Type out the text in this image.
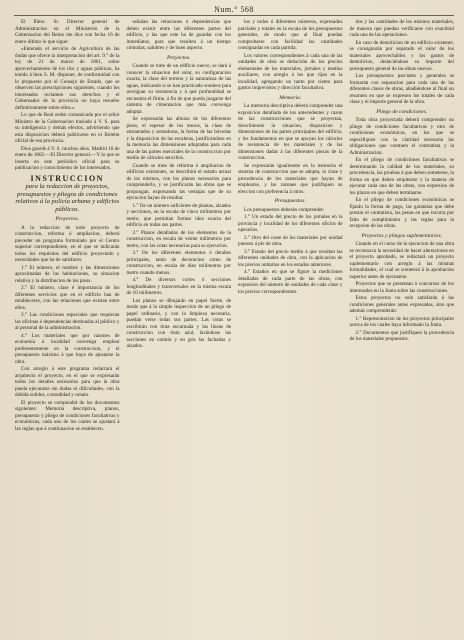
Num.° 568

El Illmo. Sr. Director general de Administracion en el Ministerio de la Gobernacion del Reino me dice con fecha 16 de enero último lo que sigue:

«Enterado el servicio de Agricultura de las dudas que ofrece la interpretacion del art. 9.° de la ley de 21 de marzo de 1861, sobre aprovechamiento de los ríos y aguas públicas, ha tenido á bien S. M. disponer, de conformidad con lo propuesto por el Consejo de Estado, que se observen las prescripciones siguientes, cuando los interesados reclamen sus derechos y el Gobernador de la provincia no haya resuelto definitivamente sobre ellos.»

Lo que de Real orden comunicada por el señor Ministro de la Gobernacion traslado á V. S. para su inteligencia y demás efectos, advirtiendo que esta disposicion deberá publicarse en el Boletin oficial de esa provincia.

Dios guarde á V. S. muchos años. Madrid 16 de enero de 1862.—El Director general.—Y lo que se inserta en este periódico oficial para su publicacion y conocimiento de los interesados.

INSTRUCCION
para la redaccion de proyectos, presupuestos y pliegos de condiciones relativos á la policía urbana y edificios públicos.
Proyectos.

A la redaccion de todo proyecto de construccion, reforma ó ampliacion, deberá preceder un programa formulado por el Centro superior correspondiente, en el que se indicarán todos los requisitos del edificio proyectado y necesidades que ha de satisfacer.

1.° El número, el nombre y las dimensiones aproximadas de las habitaciones, su situacion relativa y la distribucion de los pisos.

2.° El número, clase é importancia de los diferentes servicios que en el edificio han de establecerse, con las relaciones que existan entre ellos.

3.° Las condiciones especiales que requieran las oficinas ó dependencias destinadas al público y al personal de la administracion.

4.° Los materiales que por razones de economía ó localidad convenga emplear preferentemente en la construccion, y el presupuesto máximo á que haya de ajustarse la obra.

Con arreglo á este programa redactará el arquitecto el proyecto, en el que se expresarán todos los detalles necesarios para que la obra pueda ejecutarse sin dudas ni dificultades, con la debida solidez, comodidad y ornato.

El proyecto se compondrá de los documentos siguientes: Memoria descriptiva, planos, presupuesto y pliego de condiciones facultativas y económicas, cada uno de los cuales se ajustará á las reglas que á continuacion se establecen.

señalan las relaciones ó dependencias que deben existir entre las diferentes partes del edificio, y las que este ha de guardar con los inmediatos, para que resulten á un tiempo cómodas, salubres y de buen aspecto.

Proyectos.

Cuando se trate de un edificio nuevo, se dará á conocer la situacion del solar, su configuracion exacta, la clase del terreno y la naturaleza de las aguas, indicando si se han practicado sondeos para averiguar su resistencia y á qué profundidad se encuentra el firme, á fin de que pueda juzgarse del sistema de cimentacion que más convenga adoptar.

Se expresarán las alturas de los diferentes pisos, el espesor de los muros, la clase de entramados y armaduras, la forma de las bóvedas y la disposicion de las escaleras, justificándose en la memoria las dimensiones adoptadas para cada una de las partes esenciales de la construccion por medio de cálculos sencillos.

Cuando se trate de reforma ó ampliacion de edificios existentes, se describirá el estado actual de los mismos, con los planos necesarios para comprenderlo, y se justificarán las obras que se propongan, expresando las ventajas que de su ejecucion hayan de resultar.

1.° De un número suficiente de plantas, alzados y secciones, en la escala de cinco milímetros por metro, que permitan formar idea exacta del edificio en todas sus partes.

2.° Planos detallados de los elementos de la construccion, en escala de veinte milímetros por metro, con las cotas necesarias para su ejecucion.

3.° De los diferentes elementos ó detalles principales, tanto de decoracion como de construccion, en escala de diez milímetros por metro cuando menos.

4.° De diversos cortes ó secciones longitudinales y transversales en la misma escala de 10 milímetros.

Los planos se dibujarán en papel fuerte, de modo que á la simple inspeccion de un pliego de papel ordinario, y con la limpieza necesaria, puedan verse todas sus partes. Las cotas se escribirán con tinta encarnada y las líneas de construccion con tinta azul, lavándose las secciones en carmín y en gris las fachadas y alzados.

los y todos ó diferentes números, expresados parciales y totales en la escala de los presupuestos generales, de modo que al final puedan comprobarse con facilidad las cantidades consignadas en cada partida.

Los valores correspondientes á cada una de las unidades de obra se deducirán de los precios elementales de los materiales, jornales y medios auxiliares, con arreglo á los que rijan en la localidad, agregando un tanto por ciento para gastos imprevistos y dirección facultativa.

Memoria.

La memoria descriptiva deberá comprender una exposicion detallada de los antecedentes y razon de las construcciones que se proyectan, describiendo la situacion, disposicion y dimensiones de las partes principales del edificio, y los fundamentos en que se apoyan los cálculos de resistencia de los materiales y de las dimensiones dadas á las diferentes piezas de la construccion.

Se expresarán igualmente en la memoria el sistema de construccion que se adopta, la clase y procedencia de los materiales que hayan de emplearse, y las razones que justifiquen su eleccion con preferencia á otros.

Presupuestos.

Los presupuestos deberán comprender:

1.° Un estado del precio de los jornales en la provincia y localidad de los diferentes oficios de operarios.

2.° Otro del coste de los materiales por unidad puestos á pie de obra.

3.° Estado del precio medio á que resultan las diferentes unidades de obra, con la aplicacion de los precios unitarios en los estados anteriores.

4.° Estados en que se figure la mediciones detalladas de cada parte de las obras, con expresion del número de unidades de cada clase y los precios correspondientes.

dos y las cantidades de los mismos materiales, de manera que puedan verificarse con exactitud cada una de las operaciones.

En caso de demolicion de un edificio existente, se consignarán por separado el valor de los materiales aprovechables y los gastos de demolicion, deduciéndose su importe del presupuesto general de las obras nuevas.

Los presupuestos parciales y generales se formarán con separacion para cada una de las diferentes clases de obras, añadiéndose al final un resumen en que se expresen los totales de cada clase y el importe general de la obra.

Pliego de condiciones.

Toda obra proyectada deberá comprender un pliego de condiciones facultativas y otro de condiciones económicas, en los que se especifiquen con la claridad necesaria las obligaciones que contraen el contratista y la Administracion.

En el pliego de condiciones facultativas se determinarán la calidad de los materiales, su procedencia, las pruebas á que deben someterse, la forma en que deben emplearse y la manera de ejecutar cada una de las obras, con expresion de los plazos en que deben terminarse.

En el pliego de condiciones económicas se fijarán la forma de pago, las garantías que debe prestar el contratista, las penas en que incurra por falta de cumplimiento y las reglas para la recepcion de las obras.

Proyectos y pliegos suplementarios.

Cuando en el curso de la ejecucion de una obra se reconozca la necesidad de hacer alteraciones en el proyecto aprobado, se redactará un proyecto suplementario con arreglo á las mismas formalidades, el cual se someterá á la aprobacion superior antes de ejecutarse.

Proyectos que se presentan á concursos de los interesados en la Junta sobre las construcciones.

Estos proyectos no solo satisfarán á las condiciones generales antes expresadas, sino que además comprenderán:

1.° Representacion de los proyectos principales acerca de los cuales haya informado la Junta.

2.° Documentos que justifiquen la procedencia de los materiales propuestos.
